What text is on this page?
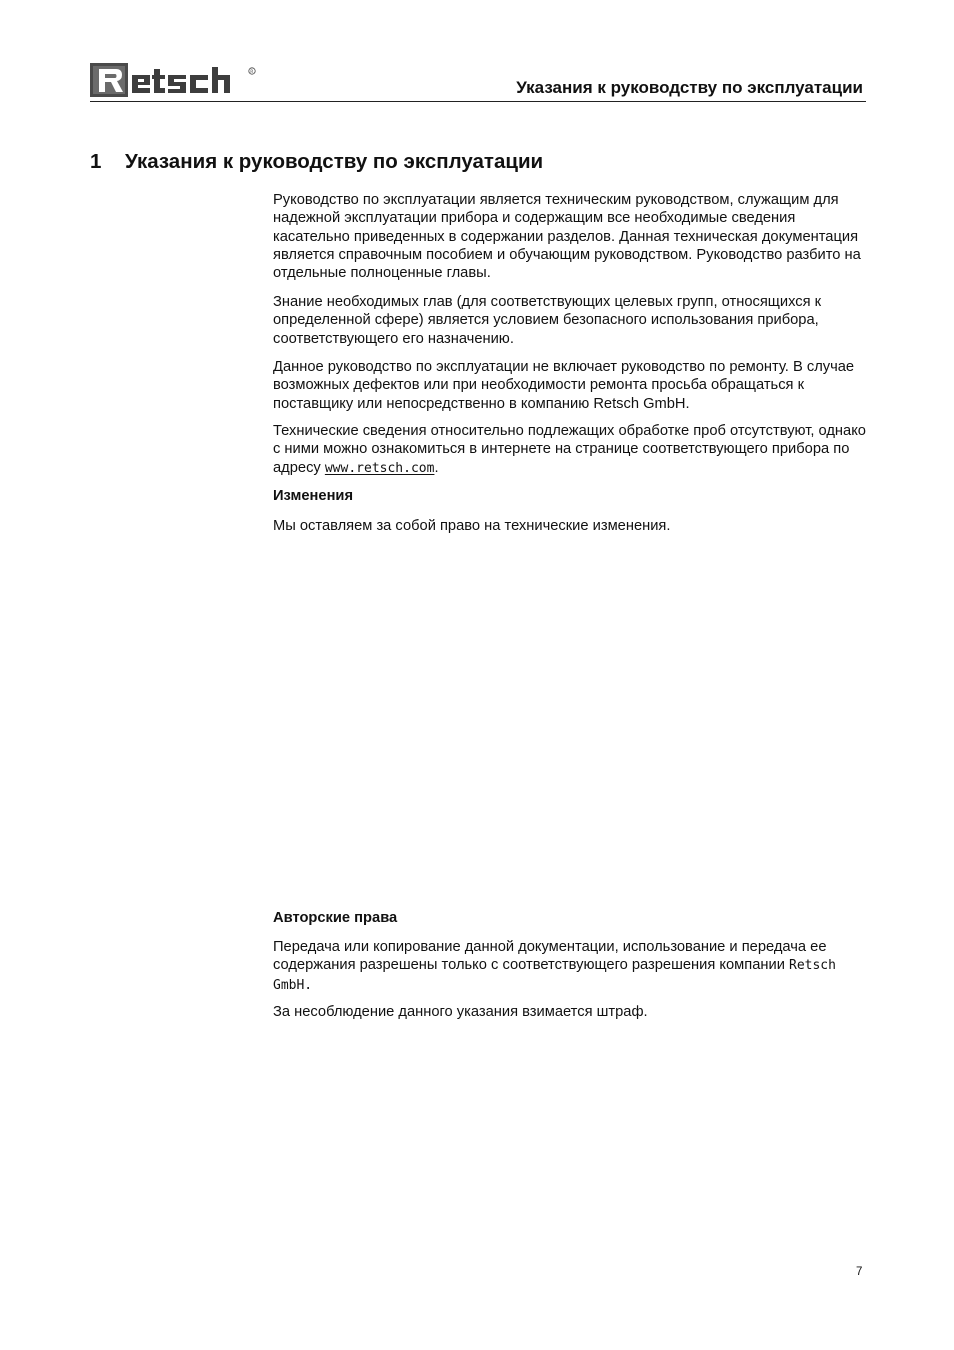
R
Указания к руководству по эксплуатации
1 Указания к руководству по эксплуатации

Руководство по эксплуатации является техническим руководством, служащим для надежной эксплуатации прибора и содержащим все необходимые сведения касательно приведенных в содержании разделов. Данная техническая документация является справочным пособием и обучающим руководством. Руководство разбито на отдельные полноценные главы.

Знание необходимых глав (для соответствующих целевых групп, относящихся к определенной сфере) является условием безопасного использования прибора, соответствующего его назначению.

Данное руководство по эксплуатации не включает руководство по ремонту. В случае возможных дефектов или при необходимости ремонта просьба обращаться к поставщику или непосредственно в компанию Retsch GmbH.

Технические сведения относительно подлежащих обработке проб отсутствуют, однако с ними можно ознакомиться в интернете на странице соответствующего прибора по адресу www.retsch.com.

Изменения

Мы оставляем за собой право на технические изменения.

Авторские права

Передача или копирование данной документации, использование и передача ее содержания разрешены только с соответствующего разрешения компании Retsch GmbH.

За несоблюдение данного указания взимается штраф.

7
